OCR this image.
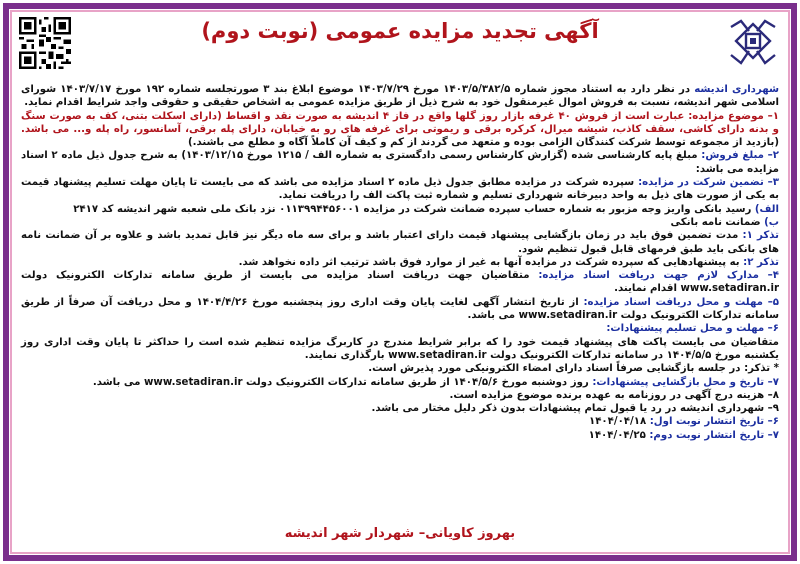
آگهی تجدید مزایده عمومی (نوبت دوم)

شهرداری اندیشه در نظر دارد به استناد مجوز شماره ۱۴۰۳/۵/۳۸۲/۵ مورخ ۱۴۰۳/۷/۲۹ موضوع ابلاغ بند ۳ صورتجلسه شماره ۱۹۲ مورخ ۱۴۰۳/۷/۱۷ شورای اسلامی شهر اندیشه، نسبت به فروش اموال غیرمنقول خود به شرح ذیل از طریق مزایده عمومی به اشخاص حقیقی و حقوقی واجد شرایط اقدام نماید.

۱– موضوع مزایده: عبارت است از فروش ۴۰ غرفه بازار روز گلها واقع در فاز ۴ اندیشه به صورت نقد و اقساط (دارای اسکلت بتنی، کف به صورت سنگ و بدنه دارای کاشی، سقف کاذب، شیشه میرال، کرکره برقی و ریموتی برای غرفه های رو به خیابان، دارای پله برقی، آسانسور، راه پله و... می باشد. (بازدید از مجموعه توسط شرکت کنندگان الزامی بوده و متعهد می گردند از کم و کیف آن کاملاً آگاه و مطلع می باشند.)

۲– مبلغ فروش: مبلغ پایه کارشناسی شده (گزارش کارشناس رسمی دادگستری به شماره الف / ۱۲۱۵ مورخ ۱۴۰۳/۱۲/۱۵) به شرح جدول ذیل ماده ۲ اسناد مزایده می باشد:

۳– تضمین شرکت در مزایده: سپرده شرکت در مزایده مطابق جدول ذیل ماده ۲ اسناد مزایده می باشد که می بایست تا پایان مهلت تسلیم پیشنهاد قیمت به یکی از صورت های ذیل به واحد دبیرخانه شهرداری تسلیم و شماره ثبت پاکت الف را دریافت نماید.

الف) رسید بانکی واریز وجه مزبور به شماره حساب سپرده ضمانت شرکت در مزایده ۰۱۱۳۹۹۴۴۵۶۰۰۱ نزد بانک ملی شعبه شهر اندیشه کد ۲۴۱۷

ب) ضمانت نامه بانکی

تذکر ۱: مدت تضمین فوق باید در زمان بازگشایی پیشنهاد قیمت دارای اعتبار باشد و برای سه ماه دیگر نیز قابل تمدید باشد و علاوه بر آن ضمانت نامه های بانکی باید طبق فرمهای قابل قبول تنظیم شود.

تذکر ۲: به پیشنهادهایی که سپرده شرکت در مزایده آنها به غیر از موارد فوق باشد ترتیب اثر داده نخواهد شد.

۴– مدارک لازم جهت دریافت اسناد مزایده: متقاضیان جهت دریافت اسناد مزایده می بایست از طریق سامانه تدارکات الکترونیک دولت www.setadiran.ir اقدام نمایند.

۵– مهلت و محل دریافت اسناد مزایده: از تاریخ انتشار آگهی لغایت پایان وقت اداری روز پنجشنبه مورخ ۱۴۰۴/۴/۲۶ و محل دریافت آن صرفاً از طریق سامانه تدارکات الکترونیک دولت www.setadiran.ir می باشد.

۶– مهلت و محل تسلیم پیشنهادات:

متقاضیان می بایست پاکت های پیشنهاد قیمت خود را که برابر شرایط مندرج در کاربرگ مزایده تنظیم شده است را حداکثر تا پایان وقت اداری روز یکشنبه مورخ ۱۴۰۴/۵/۵ در سامانه تدارکات الکترونیک دولت www.setadiran.ir بارگذاری نمایند.

* تذکر: در جلسه بازگشایی صرفاً اسناد دارای امضاء الکترونیکی مورد پذیرش است.

۷– تاریخ و محل بازگشایی پیشنهادات: روز دوشنبه مورخ ۱۴۰۴/۵/۶ از طریق سامانه تدارکات الکترونیک دولت www.setadiran.ir می باشد.

۸– هزینه درج آگهی در روزنامه به عهده برنده موضوع مزایده است.

۹– شهرداری اندیشه در رد یا قبول تمام پیشنهادات بدون ذکر دلیل مختار می باشد.

۶– تاریخ انتشار نوبت اول: ۱۴۰۴/۰۴/۱۸

۷– تاریخ انتشار نوبت دوم: ۱۴۰۴/۰۴/۲۵

بهروز کاویانی– شهردار شهر اندیشه
